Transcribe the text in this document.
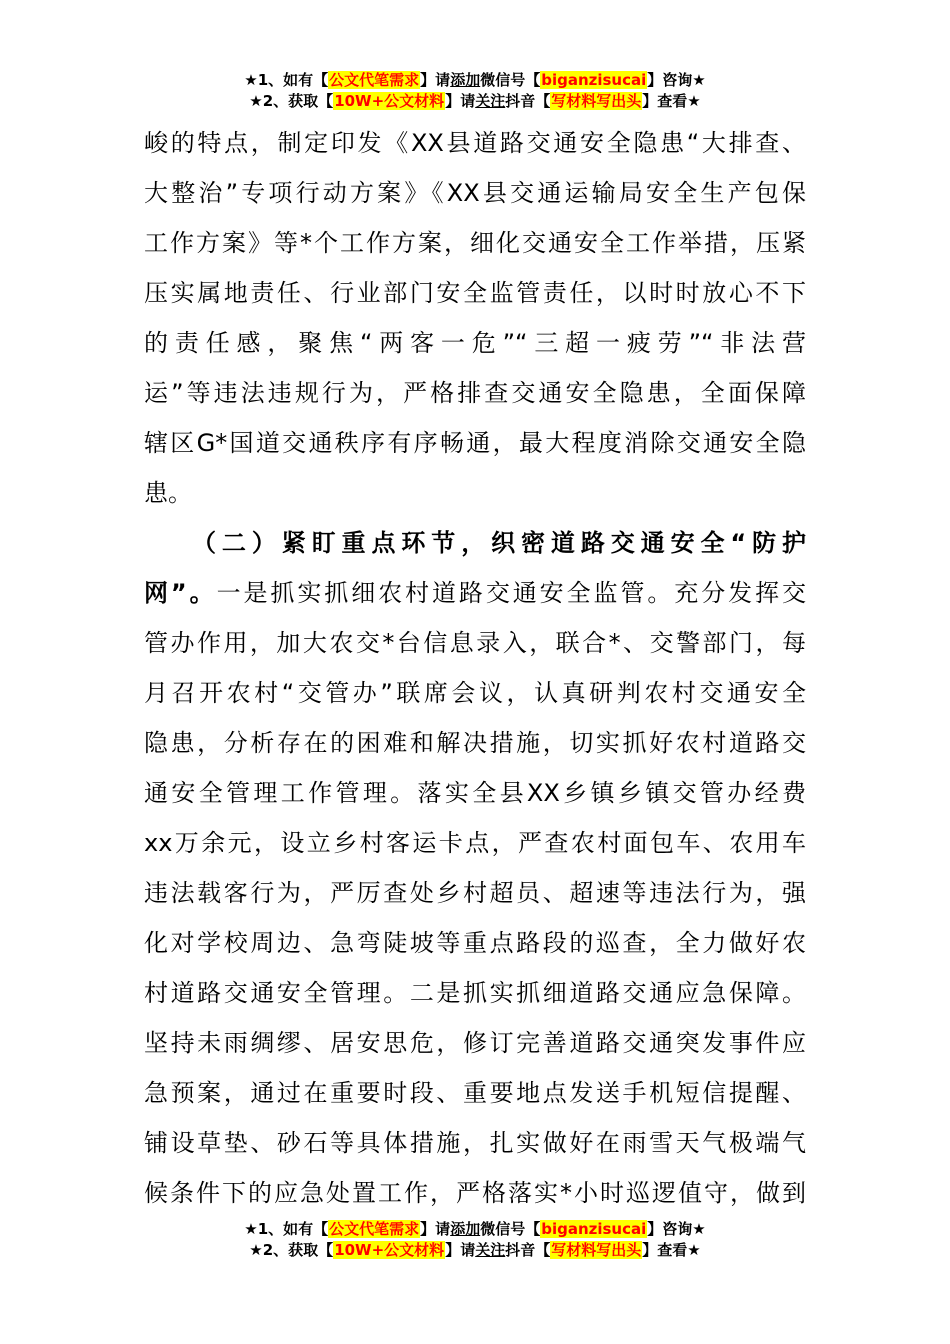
★1、如有【公文代笔需求】请添加微信号【biganzisucai】咨询★
★2、获取【10W+公文材料】请关注抖音【写材料写出头】查看★

峻的特点，制定印发《XX县道路交通安全隐患“大排查、
大整治”专项行动方案》《XX县交通运输局安全生产包保
工作方案》等*个工作方案，细化交通安全工作举措，压紧
压实属地责任、行业部门安全监管责任，以时时放心不下
的责任感，聚焦“两客一危”“三超一疲劳”“非法营
运”等违法违规行为，严格排查交通安全隐患，全面保障
辖区G*国道交通秩序有序畅通，最大程度消除交通安全隐
患。

（二）紧盯重点环节，织密道路交通安全“防护
网”。一是抓实抓细农村道路交通安全监管。充分发挥交
管办作用，加大农交*台信息录入，联合*、交警部门，每
月召开农村“交管办”联席会议，认真研判农村交通安全
隐患，分析存在的困难和解决措施，切实抓好农村道路交
通安全管理工作管理。落实全县XX乡镇乡镇交管办经费
xx万余元，设立乡村客运卡点，严查农村面包车、农用车
违法载客行为，严厉查处乡村超员、超速等违法行为，强
化对学校周边、急弯陡坡等重点路段的巡查，全力做好农
村道路交通安全管理。二是抓实抓细道路交通应急保障。
坚持未雨绸缪、居安思危，修订完善道路交通突发事件应
急预案，通过在重要时段、重要地点发送手机短信提醒、
铺设草垫、砂石等具体措施，扎实做好在雨雪天气极端气
候条件下的应急处置工作，严格落实*小时巡逻值守，做到

★1、如有【公文代笔需求】请添加微信号【biganzisucai】咨询★
★2、获取【10W+公文材料】请关注抖音【写材料写出头】查看★
